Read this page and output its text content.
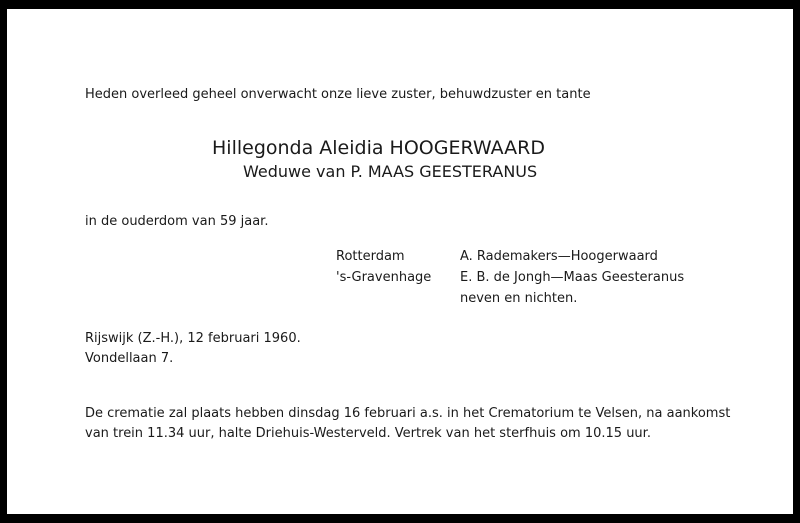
Heden overleed geheel onverwacht onze lieve zuster, behuwdzuster en tante
Hillegonda Aleidia HOOGERWAARD
Weduwe van P. MAAS GEESTERANUS
in de ouderdom van 59 jaar.
Rotterdam	A. Rademakers—Hoogerwaard
's-Gravenhage E. B. de Jongh—Maas Geesteranus
neven en nichten.
Rijswijk (Z.-H.), 12 februari 1960.
Vondellaan 7.
De crematie zal plaats hebben dinsdag 16 februari a.s. in het Crematorium te Velsen, na aankomst
van trein 11.34 uur, halte Driehuis-Westerveld. Vertrek van het sterfhuis om 10.15 uur.
